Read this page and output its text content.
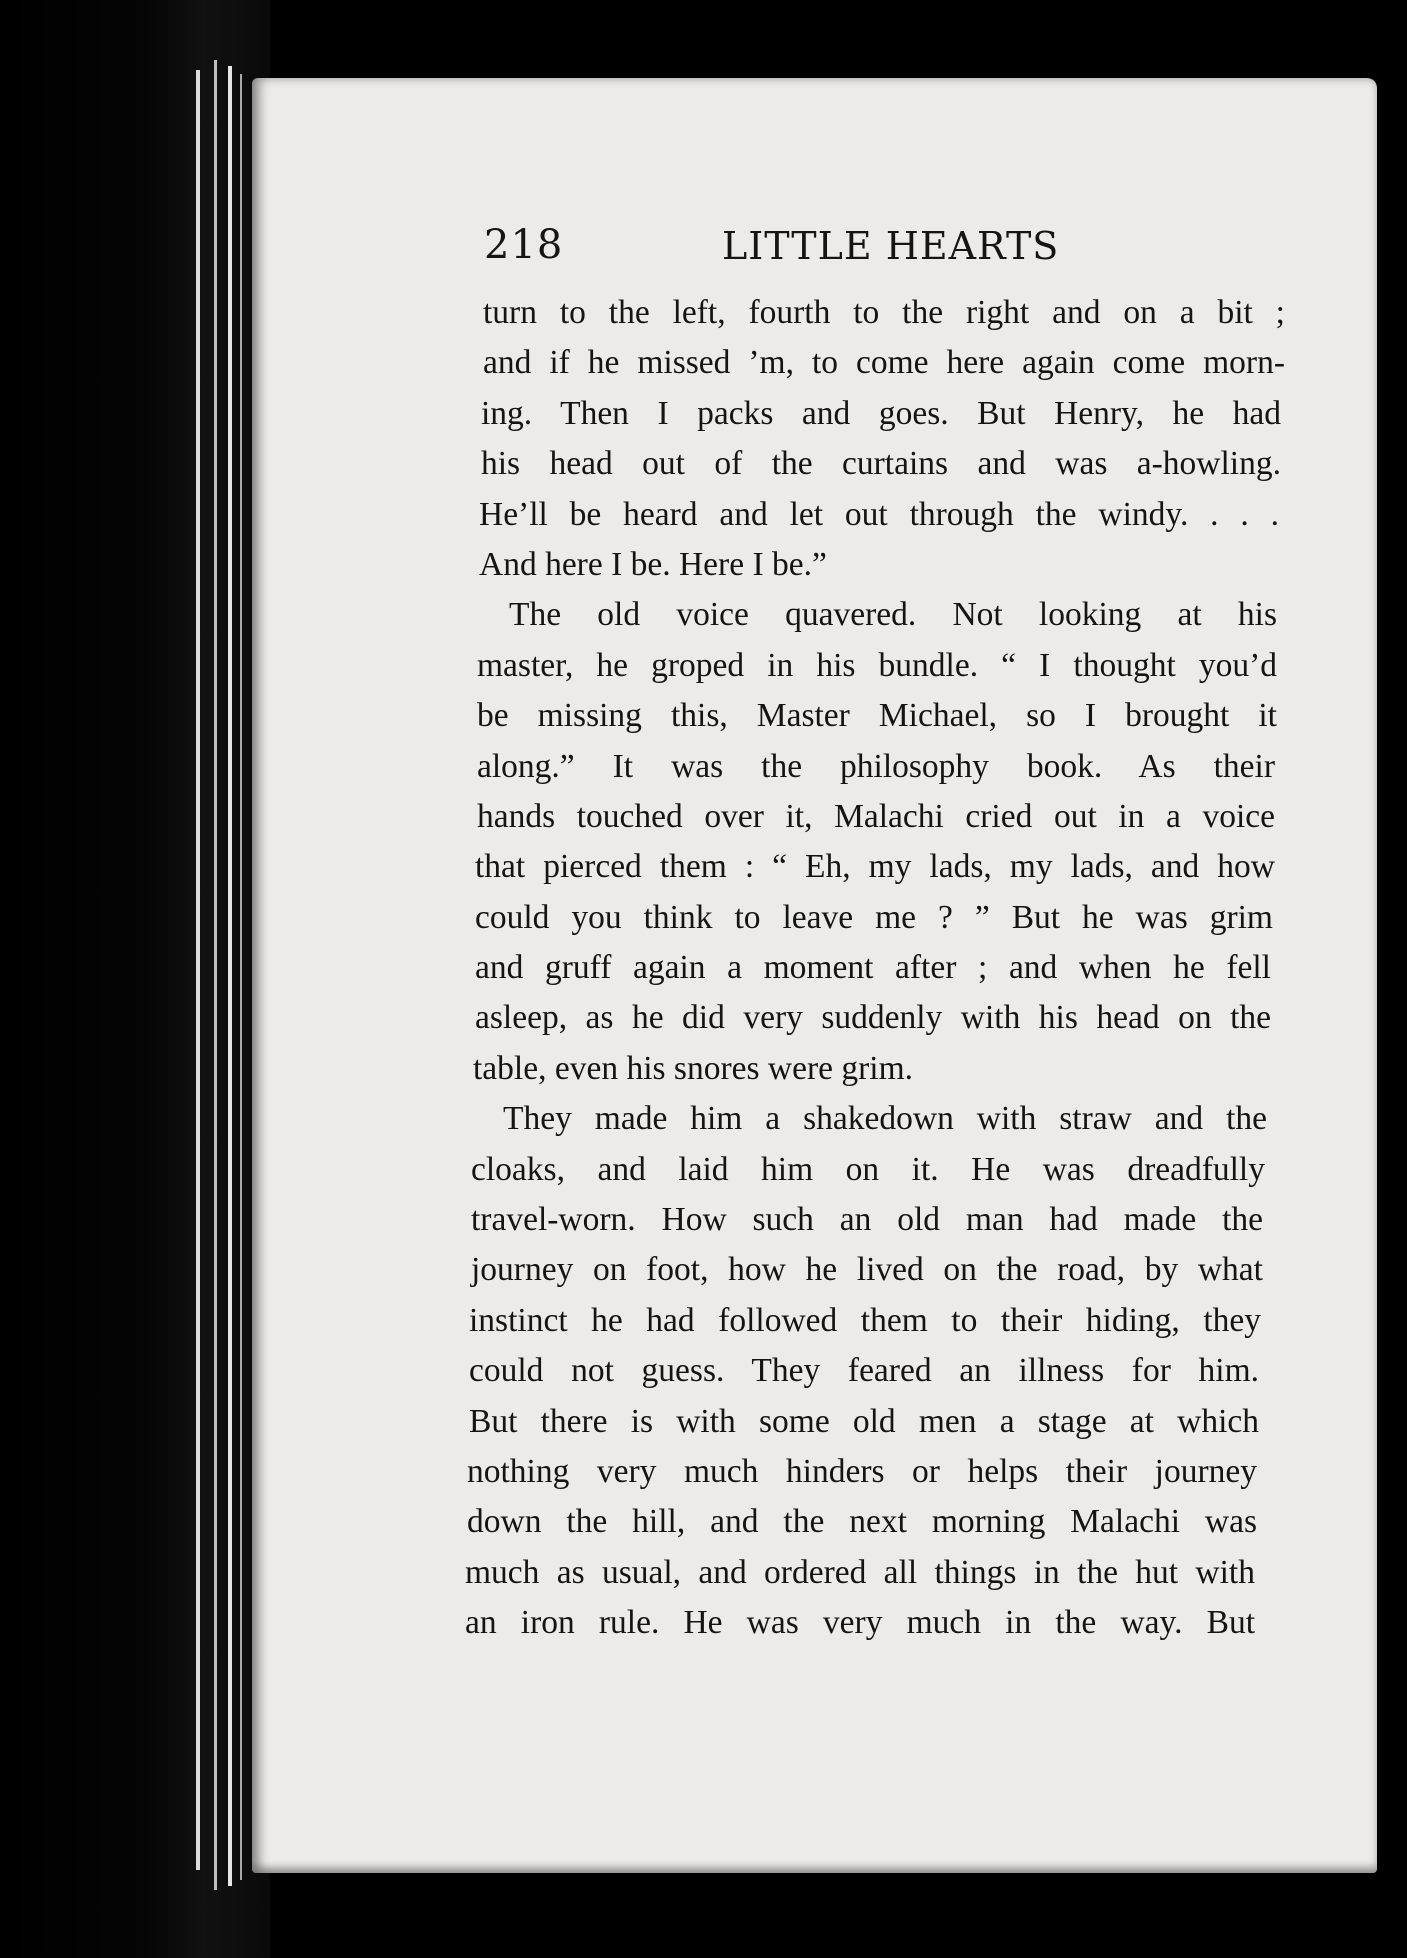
218	LITTLE HEARTS
turn to the left, fourth to the right and on a bit ;
and if he missed ’m, to come here again come morn-
ing. Then I packs and goes. But Henry, he had
his head out of the curtains and was a-howling.
He’ll be heard and let out through the windy. . . .
And here I be. Here I be.”
The old voice quavered. Not looking at his
master, he groped in his bundle. “ I thought you’d
be missing this, Master Michael, so I brought it
along.” It was the philosophy book. As their
hands touched over it, Malachi cried out in a voice
that pierced them : “ Eh, my lads, my lads, and how
could you think to leave me ? ” But he was grim
and gruff again a moment after ; and when he fell
asleep, as he did very suddenly with his head on the
table, even his snores were grim.
They made him a shakedown with straw and the
cloaks, and laid him on it. He was dreadfully
travel-worn. How such an old man had made the
journey on foot, how he lived on the road, by what
instinct he had followed them to their hiding, they
could not guess. They feared an illness for him.
But there is with some old men a stage at which
nothing very much hinders or helps their journey
down the hill, and the next morning Malachi was
much as usual, and ordered all things in the hut with
an iron rule. He was very much in the way. But
